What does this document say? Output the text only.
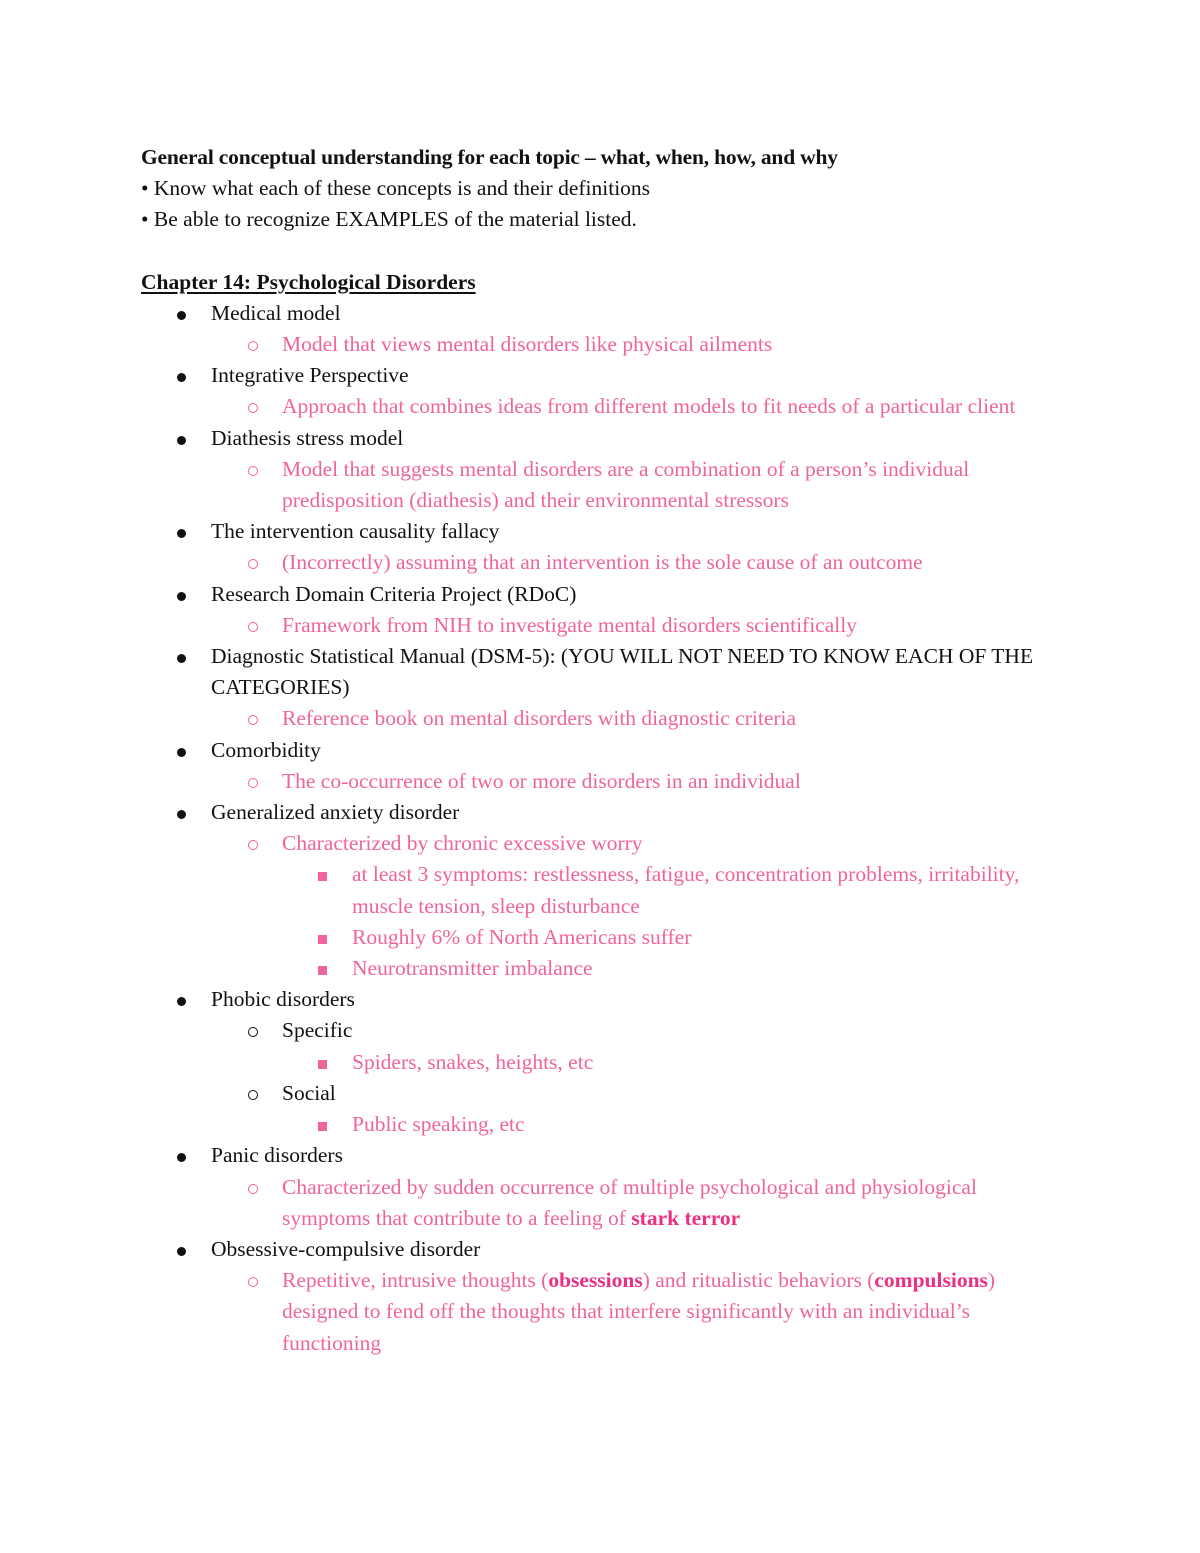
General conceptual understanding for each topic – what, when, how, and why
• Know what each of these concepts is and their definitions
• Be able to recognize EXAMPLES of the material listed.
Chapter 14: Psychological Disorders
Medical model
Model that views mental disorders like physical ailments
Integrative Perspective
Approach that combines ideas from different models to fit needs of a particular client
Diathesis stress model
Model that suggests mental disorders are a combination of a person’s individual predisposition (diathesis) and their environmental stressors
The intervention causality fallacy
(Incorrectly) assuming that an intervention is the sole cause of an outcome
Research Domain Criteria Project (RDoC)
Framework from NIH to investigate mental disorders scientifically
Diagnostic Statistical Manual (DSM-5): (YOU WILL NOT NEED TO KNOW EACH OF THE CATEGORIES)
Reference book on mental disorders with diagnostic criteria
Comorbidity
The co-occurrence of two or more disorders in an individual
Generalized anxiety disorder
Characterized by chronic excessive worry
at least 3 symptoms: restlessness, fatigue, concentration problems, irritability, muscle tension, sleep disturbance
Roughly 6% of North Americans suffer
Neurotransmitter imbalance
Phobic disorders
Specific
Spiders, snakes, heights, etc
Social
Public speaking, etc
Panic disorders
Characterized by sudden occurrence of multiple psychological and physiological symptoms that contribute to a feeling of stark terror
Obsessive-compulsive disorder
Repetitive, intrusive thoughts (obsessions) and ritualistic behaviors (compulsions) designed to fend off the thoughts that interfere significantly with an individual’s functioning
